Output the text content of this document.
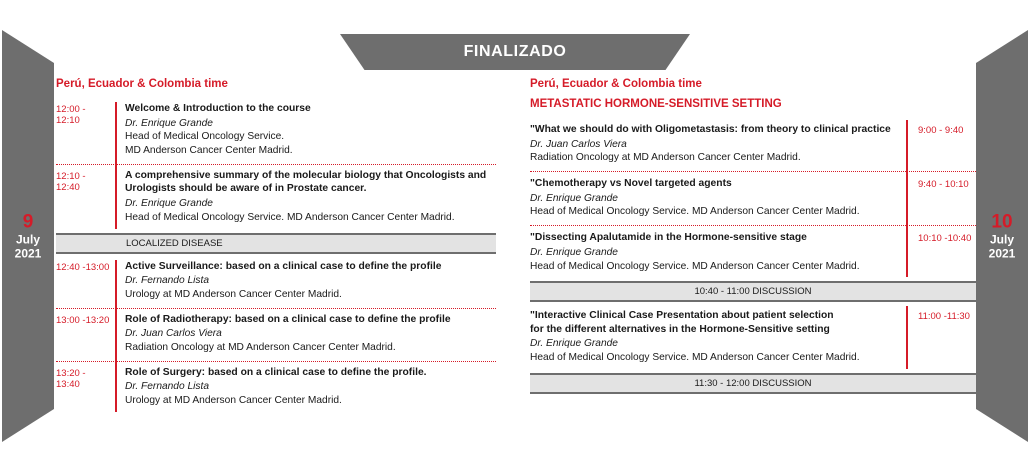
FINALIZADO
9
July
2021
10
July
2021
Perú, Ecuador & Colombia time
12:00 - 12:10
Welcome & Introduction to the course
Dr. Enrique Grande
Head of Medical Oncology Service.
MD Anderson Cancer Center Madrid.
12:10 - 12:40
A comprehensive summary of the molecular biology that Oncologists and Urologists should be aware of in Prostate cancer.
Dr. Enrique Grande
Head of Medical Oncology Service. MD Anderson Cancer Center Madrid.
LOCALIZED DISEASE
12:40 -13:00	Active Surveillance: based on a clinical case to define the profile
Dr. Fernando Lista
Urology at MD Anderson Cancer Center Madrid.
13:00 -13:20	Role of Radiotherapy: based on a clinical case to define the profile
Dr. Juan Carlos Viera
Radiation Oncology at MD Anderson Cancer Center Madrid.
13:20 - 13:40
Role of Surgery: based on a clinical case to define the profile.
Dr. Fernando Lista
Urology at MD Anderson Cancer Center Madrid.
Perú, Ecuador & Colombia time
METASTATIC HORMONE-SENSITIVE SETTING
"What we should do with Oligometastasis: from theory to clinical practice
Dr. Juan Carlos Viera
Radiation Oncology at MD Anderson Cancer Center Madrid.
9:00 - 9:40
"Chemotherapy vs Novel targeted agents
Dr. Enrique Grande
Head of Medical Oncology Service. MD Anderson Cancer Center Madrid.
9:40 - 10:10
"Dissecting Apalutamide in the Hormone-sensitive stage
Dr. Enrique Grande
Head of Medical Oncology Service. MD Anderson Cancer Center Madrid.
10:10 -10:40
10:40 - 11:00 DISCUSSION
"Interactive Clinical Case Presentation about patient selection
for the different alternatives in the Hormone-Sensitive setting
Dr. Enrique Grande
Head of Medical Oncology Service. MD Anderson Cancer Center Madrid.
11:00 -11:30
11:30 - 12:00 DISCUSSION
